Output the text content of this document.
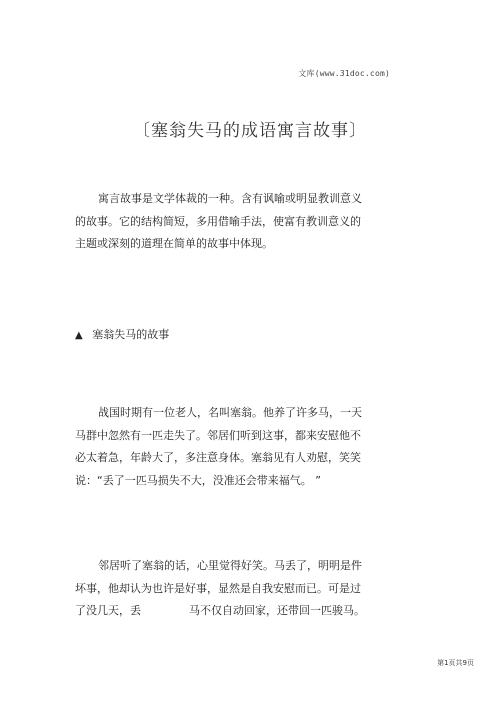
文库(www.31doc.com)
〔塞翁失马的成语寓言故事〕

寓言故事是文学体裁的一种。含有讽喻或明显教训意义
的故事。它的结构简短，多用借喻手法，使富有教训意义的
主题或深刻的道理在简单的故事中体现。

▲ 塞翁失马的故事

战国时期有一位老人，名叫塞翁。他养了许多马，一天
马群中忽然有一匹走失了。邻居们听到这事，都来安慰他不
必太着急，年龄大了，多注意身体。塞翁见有人劝慰，笑笑
说：“丢了一匹马损失不大，没准还会带来福气。 ”

邻居听了塞翁的话，心里觉得好笑。马丢了，明明是件
坏事，他却认为也许是好事，显然是自我安慰而已。可是过
了没几天，丢	马不仅自动回家，还带回一匹骏马。

第1页共9页
